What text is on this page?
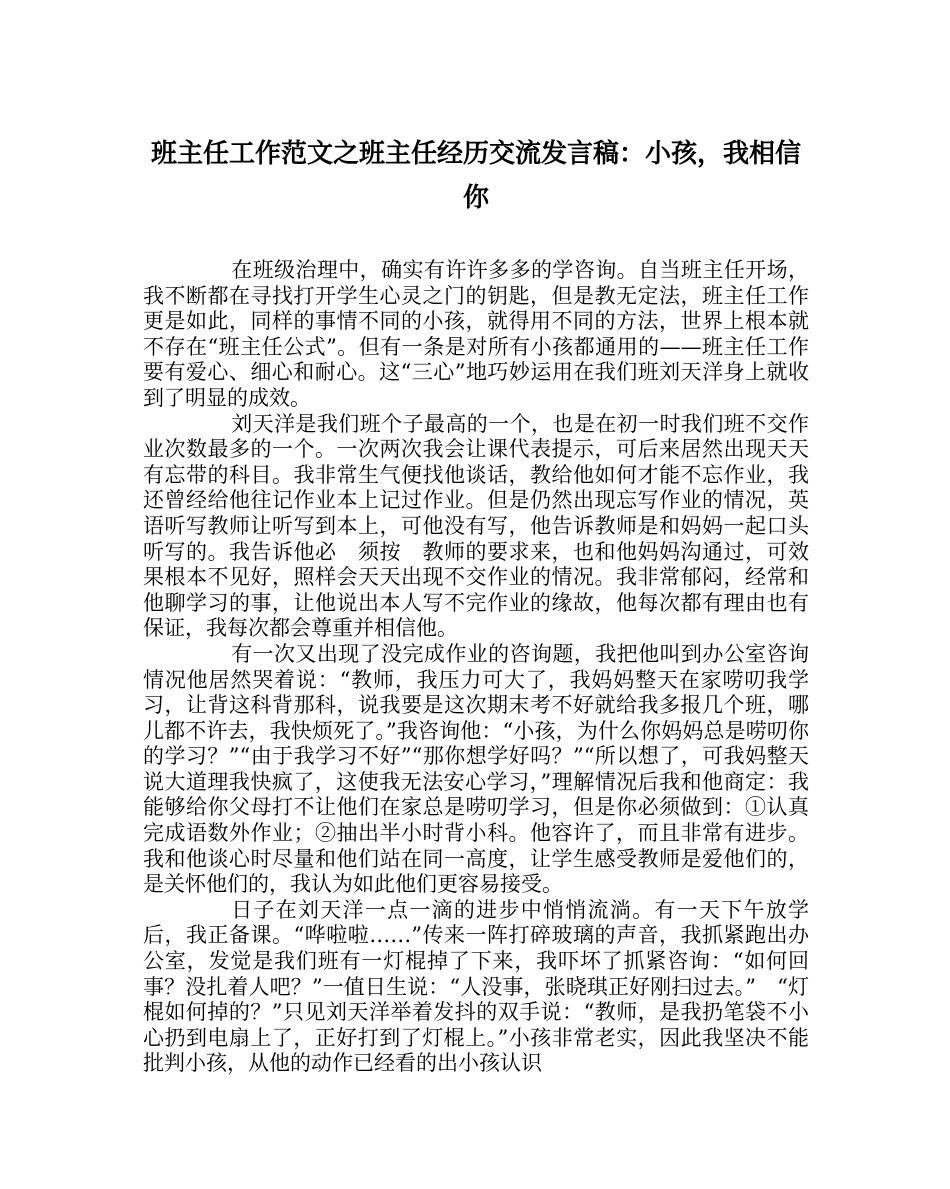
班主任工作范文之班主任经历交流发言稿：小孩，我相信你

在班级治理中，确实有许许多多的学咨询。自当班主任开场，我不断都在寻找打开学生心灵之门的钥匙，但是教无定法，班主任工作更是如此，同样的事情不同的小孩，就得用不同的方法，世界上根本就不存在“班主任公式”。但有一条是对所有小孩都通用的——班主任工作要有爱心、细心和耐心。这“三心”地巧妙运用在我们班刘天洋身上就收到了明显的成效。

刘天洋是我们班个子最高的一个，也是在初一时我们班不交作业次数最多的一个。一次两次我会让课代表提示，可后来居然出现天天有忘带的科目。我非常生气便找他谈话，教给他如何才能不忘作业，我还曾经给他往记作业本上记过作业。但是仍然出现忘写作业的情况，英语听写教师让听写到本上，可他没有写，他告诉教师是和妈妈一起口头听写的。我告诉他必　须按　教师的要求来，也和他妈妈沟通过，可效果根本不见好，照样会天天出现不交作业的情况。我非常郁闷，经常和他聊学习的事，让他说出本人写不完作业的缘故，他每次都有理由也有保证，我每次都会尊重并相信他。

有一次又出现了没完成作业的咨询题，我把他叫到办公室咨询情况他居然哭着说：“教师，我压力可大了，我妈妈整天在家唠叨我学习，让背这科背那科，说我要是这次期末考不好就给我多报几个班，哪儿都不许去，我快烦死了。”我咨询他：“小孩，为什么你妈妈总是唠叨你的学习？”“由于我学习不好”“那你想学好吗？”“所以想了，可我妈整天说大道理我快疯了，这使我无法安心学习，”理解情况后我和他商定：我能够给你父母打不让他们在家总是唠叨学习，但是你必须做到：①认真完成语数外作业；②抽出半小时背小科。他容许了，而且非常有进步。我和他谈心时尽量和他们站在同一高度，让学生感受教师是爱他们的，是关怀他们的，我认为如此他们更容易接受。

日子在刘天洋一点一滴的进步中悄悄流淌。有一天下午放学后，我正备课。“哗啦啦……”传来一阵打碎玻璃的声音，我抓紧跑出办公室，发觉是我们班有一灯棍掉了下来，我吓坏了抓紧咨询：“如何回事？没扎着人吧？”一值日生说：“人没事，张晓琪正好刚扫过去。”　“灯棍如何掉的？”只见刘天洋举着发抖的双手说：“教师，是我扔笔袋不小心扔到电扇上了，正好打到了灯棍上。”小孩非常老实，因此我坚决不能批判小孩，从他的动作已经看的出小孩认识
